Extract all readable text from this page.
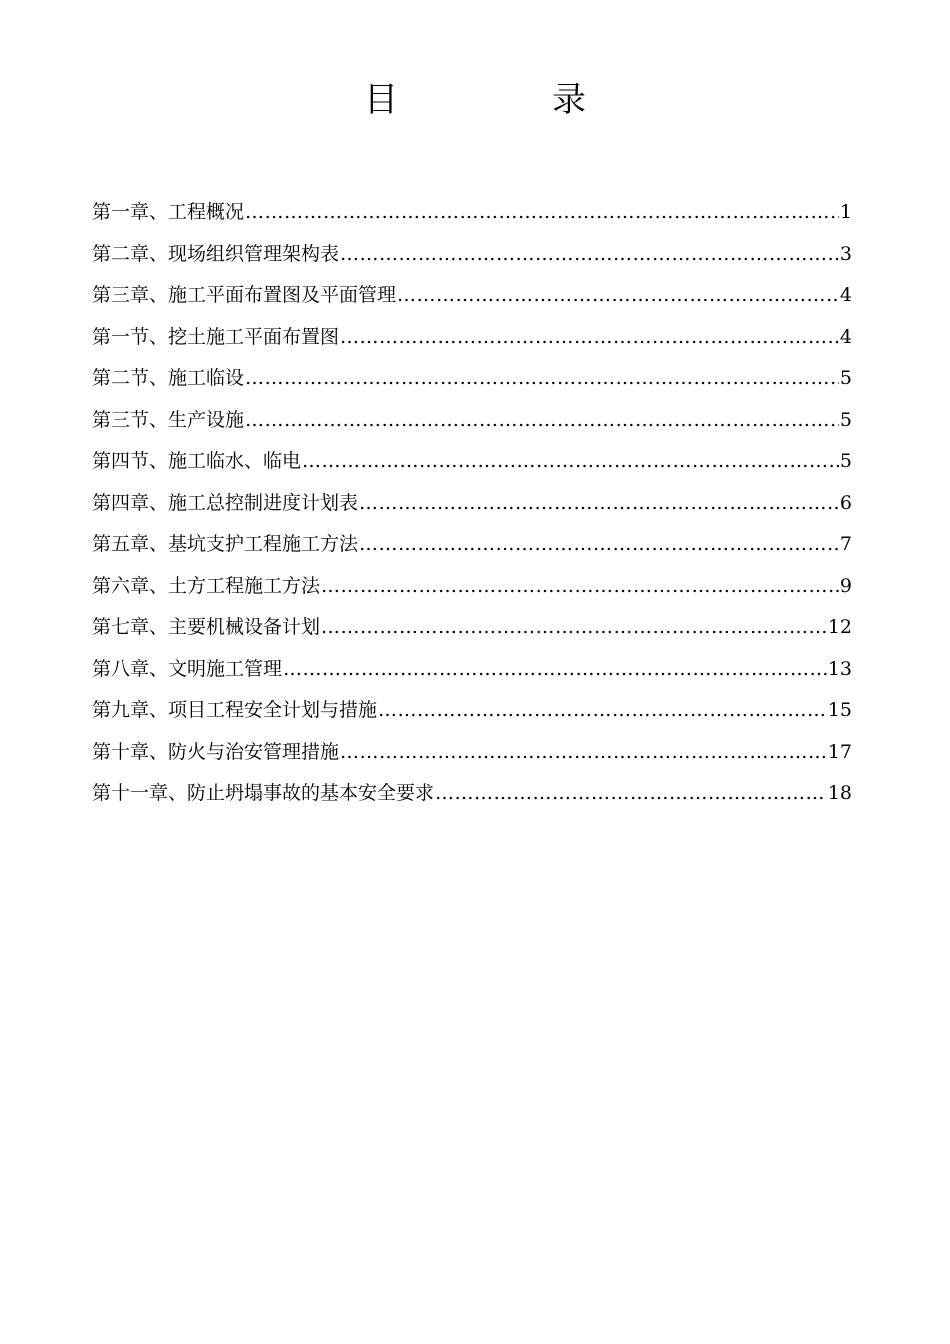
目　录
第一章、工程概况 ……………………………………………………………………………………………………………………………………………………	1
第二章、现场组织管理架构表 ……………………………………………………………………………………………………………………………………………………	3
第三章、施工平面布置图及平面管理 ……………………………………………………………………………………………………………………………………………………	4
第一节、挖土施工平面布置图 ……………………………………………………………………………………………………………………………………………………	4
第二节、施工临设 ……………………………………………………………………………………………………………………………………………………	5
第三节、生产设施 ……………………………………………………………………………………………………………………………………………………	5
第四节、施工临水、临电 ……………………………………………………………………………………………………………………………………………………	5
第四章、施工总控制进度计划表 ……………………………………………………………………………………………………………………………………………………	6
第五章、基坑支护工程施工方法 ……………………………………………………………………………………………………………………………………………………	7
第六章、土方工程施工方法 ……………………………………………………………………………………………………………………………………………………	9
第七章、主要机械设备计划 ……………………………………………………………………………………………………………………………………………………	12
第八章、文明施工管理 ……………………………………………………………………………………………………………………………………………………	13
第九章、项目工程安全计划与措施 ……………………………………………………………………………………………………………………………………………………	15
第十章、防火与治安管理措施 ……………………………………………………………………………………………………………………………………………………	17
第十一章、防止坍塌事故的基本安全要求 ……………………………………………………………………………………………………………………………………………………	18
